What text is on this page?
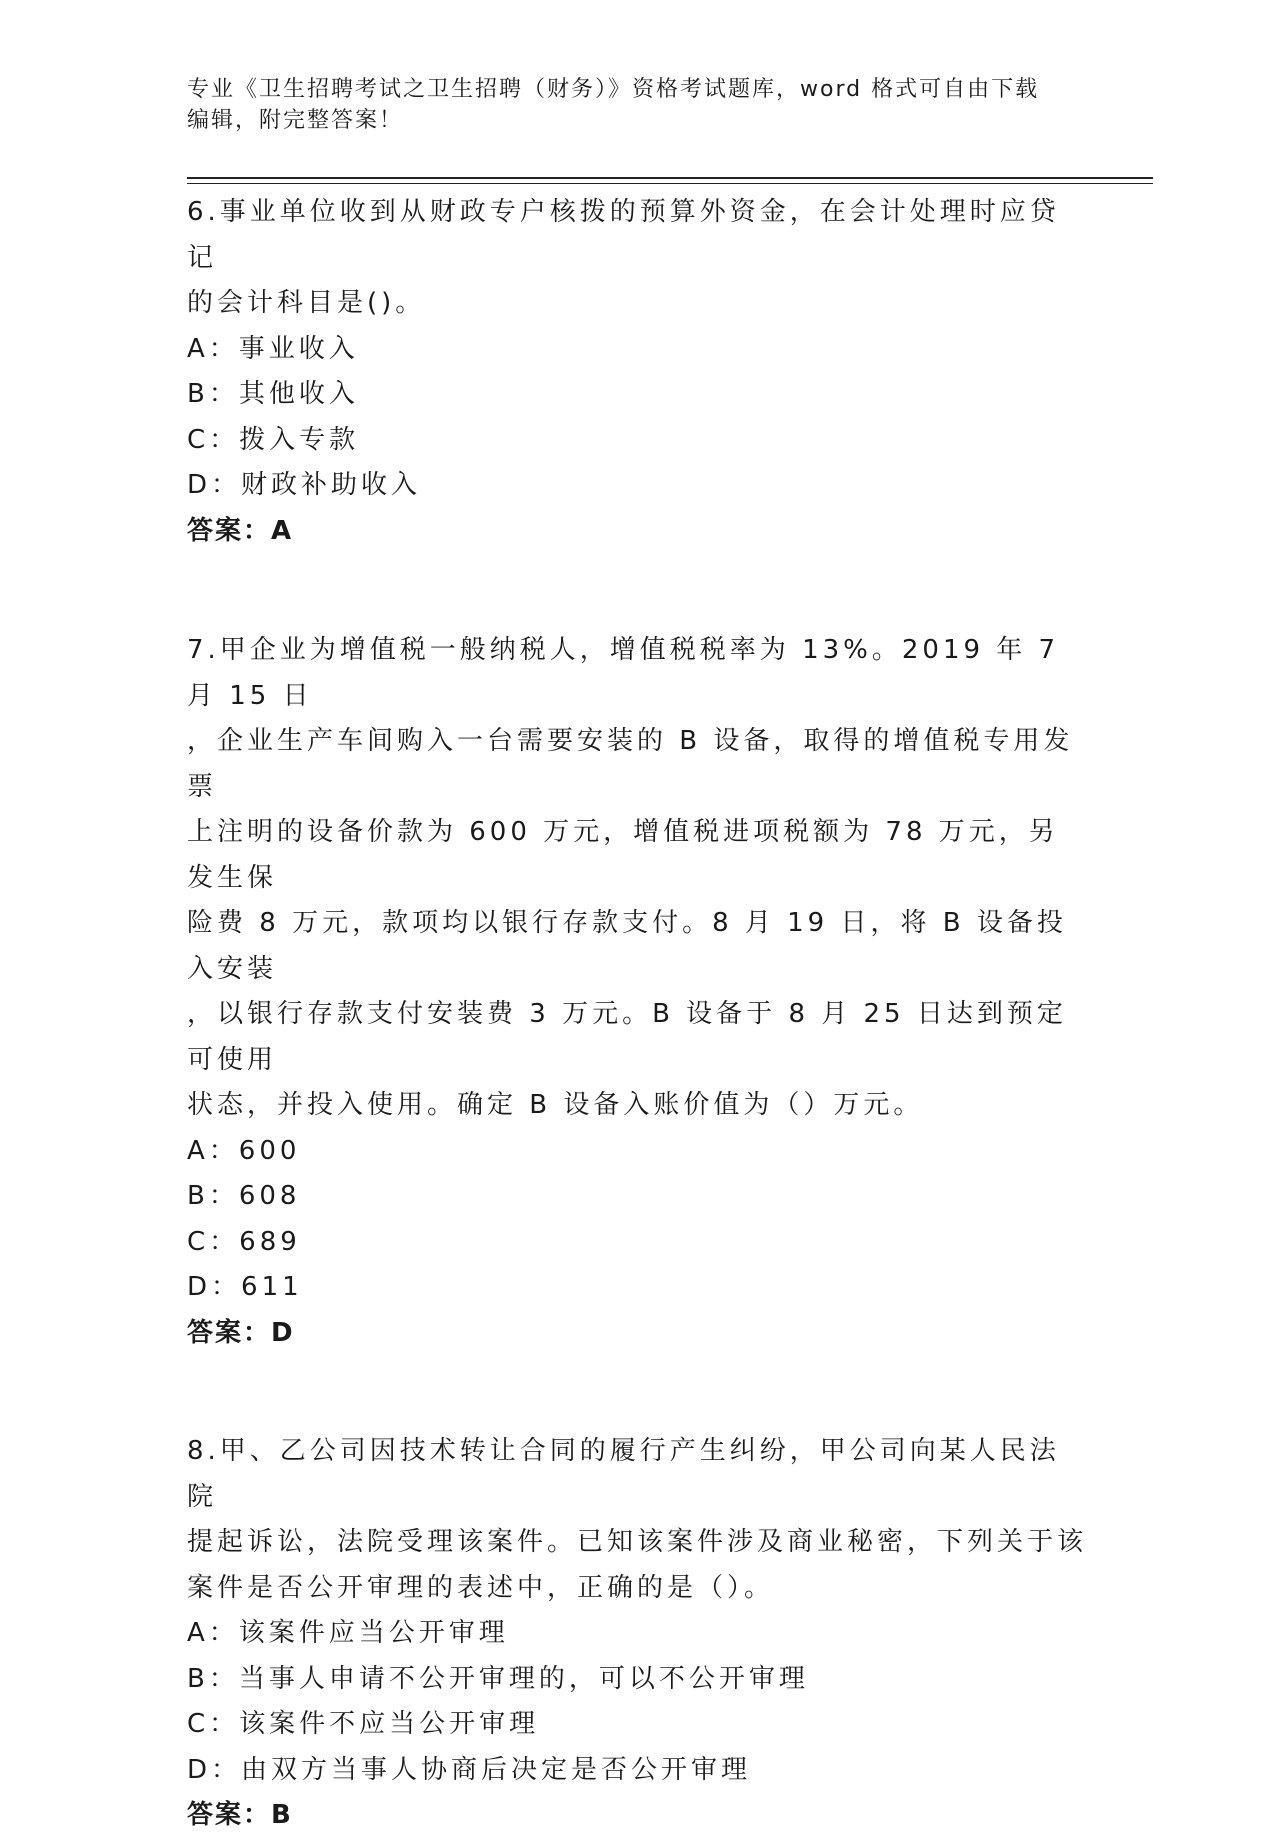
专业《卫生招聘考试之卫生招聘（财务）》资格考试题库，word 格式可自由下载
编辑，附完整答案！
6.事业单位收到从财政专户核拨的预算外资金，在会计处理时应贷记
的会计科目是()。
A：事业收入
B：其他收入
C：拨入专款
D：财政补助收入
答案：A
7.甲企业为增值税一般纳税人，增值税税率为 13%。2019 年 7 月 15 日
，企业生产车间购入一台需要安装的 B 设备，取得的增值税专用发票
上注明的设备价款为 600 万元，增值税进项税额为 78 万元，另发生保
险费 8 万元，款项均以银行存款支付。8 月 19 日，将 B 设备投入安装
，以银行存款支付安装费 3 万元。B 设备于 8 月 25 日达到预定可使用
状态，并投入使用。确定 B 设备入账价值为（）万元。
A：600
B：608
C：689
D：611
答案：D
8.甲、乙公司因技术转让合同的履行产生纠纷，甲公司向某人民法院
提起诉讼，法院受理该案件。已知该案件涉及商业秘密，下列关于该
案件是否公开审理的表述中，正确的是（）。
A：该案件应当公开审理
B：当事人申请不公开审理的，可以不公开审理
C：该案件不应当公开审理
D：由双方当事人协商后决定是否公开审理
答案：B
